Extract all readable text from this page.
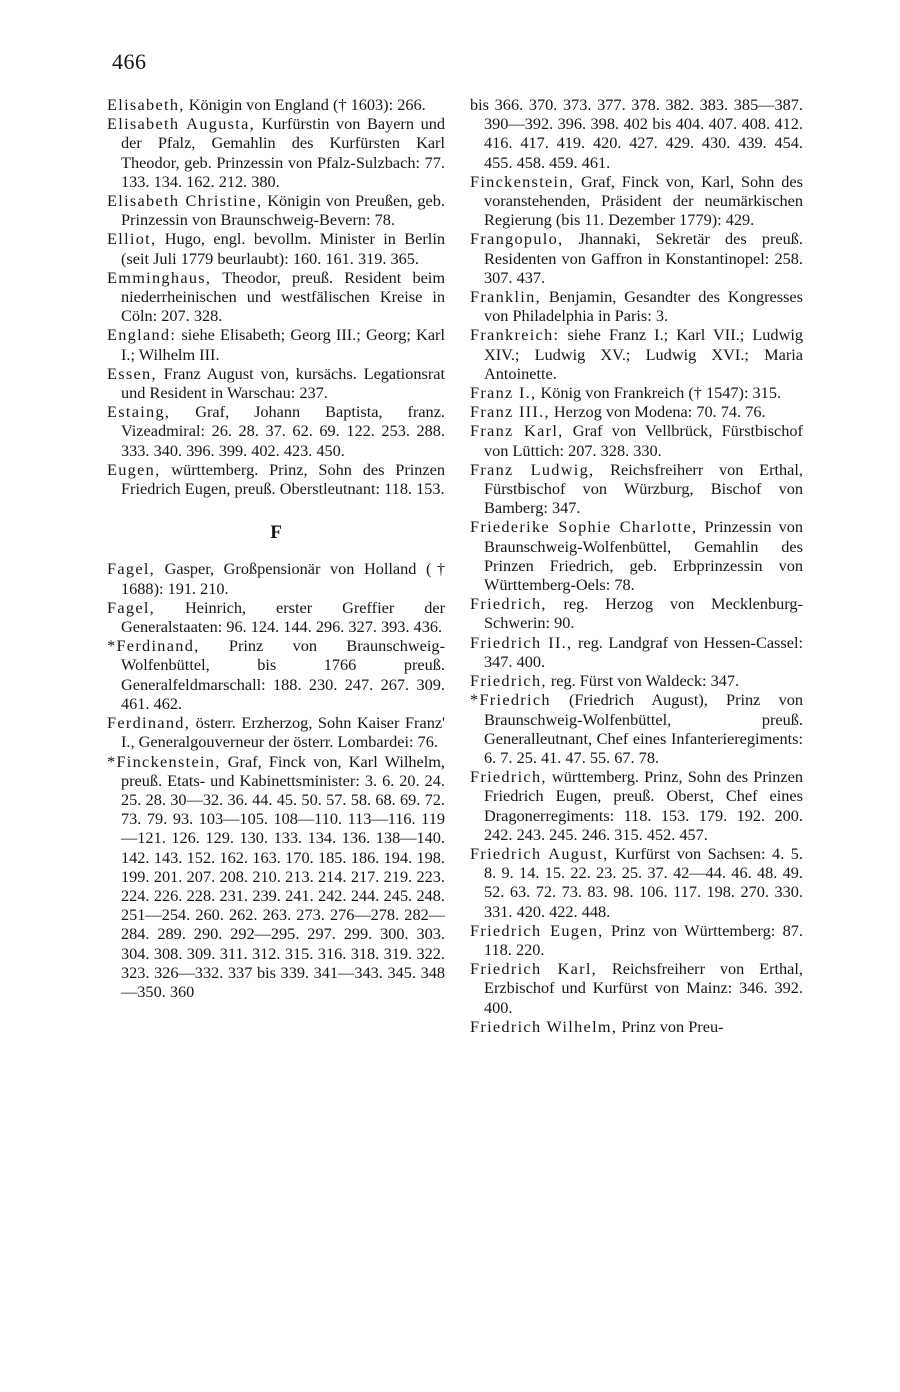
466

Elisabeth, Königin von England († 1603): 266.

Elisabeth Augusta, Kurfürstin von Bayern und der Pfalz, Gemahlin des Kurfürsten Karl Theodor, geb. Prinzessin von Pfalz-Sulzbach: 77. 133. 134. 162. 212. 380.

Elisabeth Christine, Königin von Preußen, geb. Prinzessin von Braunschweig-Bevern: 78.

Elliot, Hugo, engl. bevollm. Minister in Berlin (seit Juli 1779 beurlaubt): 160. 161. 319. 365.

Emminghaus, Theodor, preuß. Resident beim niederrheinischen und westfälischen Kreise in Cöln: 207. 328.

England: siehe Elisabeth; Georg III.; Georg; Karl I.; Wilhelm III.

Essen, Franz August von, kursächs. Legationsrat und Resident in Warschau: 237.

Estaing, Graf, Johann Baptista, franz. Vizeadmiral: 26. 28. 37. 62. 69. 122. 253. 288. 333. 340. 396. 399. 402. 423. 450.

Eugen, württemberg. Prinz, Sohn des Prinzen Friedrich Eugen, preuß. Oberstleutnant: 118. 153.

F

Fagel, Gasper, Großpensionär von Holland († 1688): 191. 210.

Fagel, Heinrich, erster Greffier der Generalstaaten: 96. 124. 144. 296. 327. 393. 436.

*Ferdinand, Prinz von Braunschweig-Wolfenbüttel, bis 1766 preuß. Generalfeldmarschall: 188. 230. 247. 267. 309. 461. 462.

Ferdinand, österr. Erzherzog, Sohn Kaiser Franz' I., Generalgouverneur der österr. Lombardei: 76.

*Finckenstein, Graf, Finck von, Karl Wilhelm, preuß. Etats- und Kabinettsminister: 3. 6. 20. 24. 25. 28. 30—32. 36. 44. 45. 50. 57. 58. 68. 69. 72. 73. 79. 93. 103—105. 108—110. 113—116. 119—121. 126. 129. 130. 133. 134. 136. 138—140. 142. 143. 152. 162. 163. 170. 185. 186. 194. 198. 199. 201. 207. 208. 210. 213. 214. 217. 219. 223. 224. 226. 228. 231. 239. 241. 242. 244. 245. 248. 251—254. 260. 262. 263. 273. 276—278. 282—284. 289. 290. 292—295. 297. 299. 300. 303. 304. 308. 309. 311. 312. 315. 316. 318. 319. 322. 323. 326—332. 337 bis 339. 341—343. 345. 348—350. 360

bis 366. 370. 373. 377. 378. 382. 383. 385—387. 390—392. 396. 398. 402 bis 404. 407. 408. 412. 416. 417. 419. 420. 427. 429. 430. 439. 454. 455. 458. 459. 461.

Finckenstein, Graf, Finck von, Karl, Sohn des voranstehenden, Präsident der neumärkischen Regierung (bis 11. Dezember 1779): 429.

Frangopulo, Jhannaki, Sekretär des preuß. Residenten von Gaffron in Konstantinopel: 258. 307. 437.

Franklin, Benjamin, Gesandter des Kongresses von Philadelphia in Paris: 3.

Frankreich: siehe Franz I.; Karl VII.; Ludwig XIV.; Ludwig XV.; Ludwig XVI.; Maria Antoinette.

Franz I., König von Frankreich († 1547): 315.

Franz III., Herzog von Modena: 70. 74. 76.

Franz Karl, Graf von Vellbrück, Fürstbischof von Lüttich: 207. 328. 330.

Franz Ludwig, Reichsfreiherr von Erthal, Fürstbischof von Würzburg, Bischof von Bamberg: 347.

Friederike Sophie Charlotte, Prinzessin von Braunschweig-Wolfenbüttel, Gemahlin des Prinzen Friedrich, geb. Erbprinzessin von Württemberg-Oels: 78.

Friedrich, reg. Herzog von Mecklenburg-Schwerin: 90.

Friedrich II., reg. Landgraf von Hessen-Cassel: 347. 400.

Friedrich, reg. Fürst von Waldeck: 347.

*Friedrich (Friedrich August), Prinz von Braunschweig-Wolfenbüttel, preuß. Generalleutnant, Chef eines Infanterieregiments: 6. 7. 25. 41. 47. 55. 67. 78.

Friedrich, württemberg. Prinz, Sohn des Prinzen Friedrich Eugen, preuß. Oberst, Chef eines Dragonerregiments: 118. 153. 179. 192. 200. 242. 243. 245. 246. 315. 452. 457.

Friedrich August, Kurfürst von Sachsen: 4. 5. 8. 9. 14. 15. 22. 23. 25. 37. 42—44. 46. 48. 49. 52. 63. 72. 73. 83. 98. 106. 117. 198. 270. 330. 331. 420. 422. 448.

Friedrich Eugen, Prinz von Württemberg: 87. 118. 220.

Friedrich Karl, Reichsfreiherr von Erthal, Erzbischof und Kurfürst von Mainz: 346. 392. 400.

Friedrich Wilhelm, Prinz von Preu-
